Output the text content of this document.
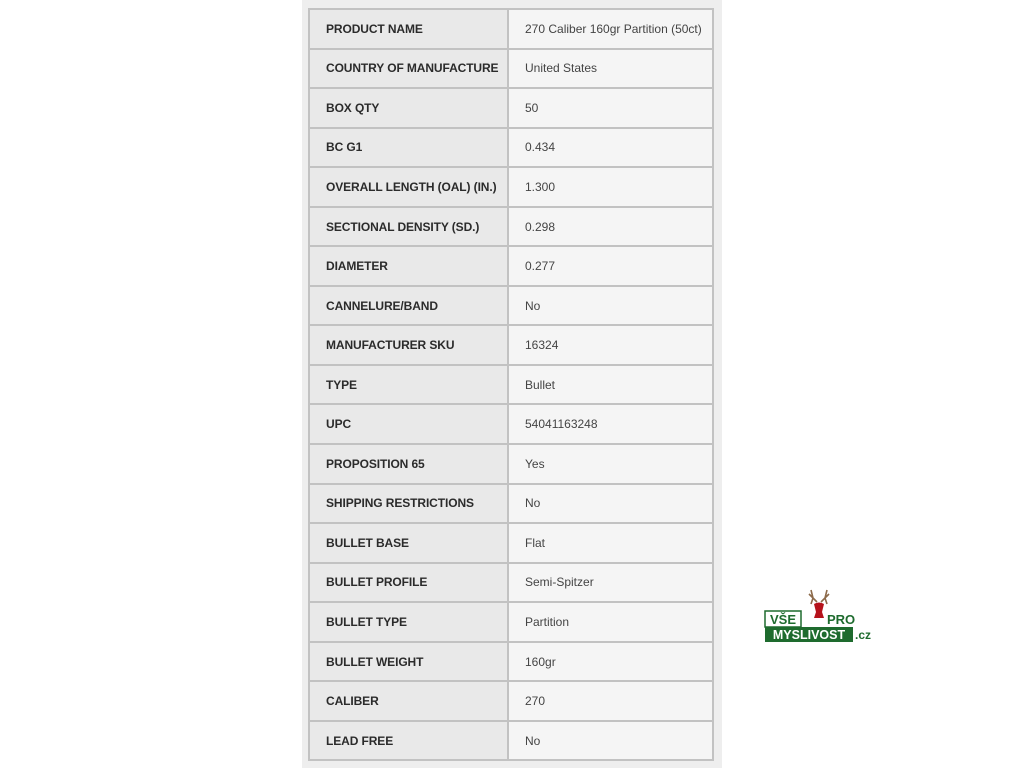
PRODUCT NAME	270 Caliber 160gr Partition (50ct)
COUNTRY OF MANUFACTURE	United States
BOX QTY	50
BC G1	0.434
OVERALL LENGTH (OAL) (IN.)	1.300
SECTIONAL DENSITY (SD.)	0.298
DIAMETER	0.277
CANNELURE/BAND	No
MANUFACTURER SKU	16324
TYPE	Bullet
UPC	54041163248
PROPOSITION 65	Yes
SHIPPING RESTRICTIONS	No
BULLET BASE	Flat
BULLET PROFILE	Semi-Spitzer
BULLET TYPE	Partition
BULLET WEIGHT	160gr
CALIBER	270
LEAD FREE	No
VŠE PRO
MYSLIVOST .cz
